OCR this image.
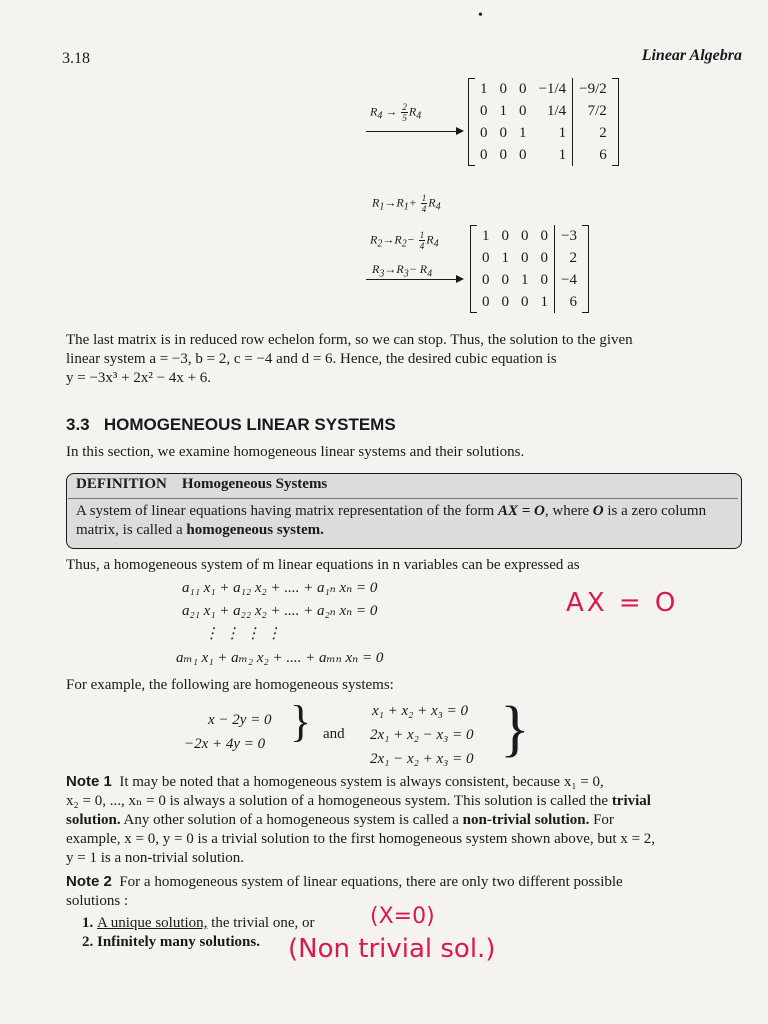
•
3.18	Linear Algebra
$R_4 \to \frac{2}{5} R_4$
1	0	0	−1/4	−9/2
0	1	0	1/4	7/2
0	0	1	1	2
0	0	0	1	6
$R_1\to R_1+ \frac{1}{4} R_4$
$R_2\to R_2- \frac{1}{4} R_4$
$R_3\to R_3- R_4$
1	0	0	0	−3
0	1	0	0	2
0	0	1	0	−4
0	0	0	1	6
The last matrix is in reduced row echelon form, so we can stop. Thus, the solution to the given
linear system a = −3, b = 2, c = −4 and d = 6. Hence, the desired cubic equation is
y = −3x³ + 2x² − 4x + 6.
3.3 HOMOGENEOUS LINEAR SYSTEMS
In this section, we examine homogeneous linear systems and their solutions.
DEFINITION Homogeneous Systems
A system of linear equations having matrix representation of the form AX = O, where O is a zero column matrix, is called a homogeneous system.
Thus, a homogeneous system of m linear equations in n variables can be expressed as
a₁₁ x₁ + a₁₂ x₂ + .... + a₁ₙ xₙ = 0
a₂₁ x₁ + a₂₂ x₂ + .... + a₂ₙ xₙ = 0
⋮ ⋮ ⋮ ⋮
aₘ₁ x₁ + aₘ₂ x₂ + .... + aₘₙ xₙ = 0
AX = O
For example, the following are homogeneous systems:
x − 2y = 0
−2x + 4y = 0 } and
x₁ + x₂ + x₃ = 0
2x₁ + x₂ − x₃ = 0
2x₁ − x₂ + x₃ = 0 }
Note 1 It may be noted that a homogeneous system is always consistent, because x₁ = 0,
x₂ = 0, ..., xₙ = 0 is always a solution of a homogeneous system. This solution is called the trivial
solution. Any other solution of a homogeneous system is called a non-trivial solution. For
example, x = 0, y = 0 is a trivial solution to the first homogeneous system shown above, but x = 2,
y = 1 is a non-trivial solution.
Note 2 For a homogeneous system of linear equations, there are only two different possible
solutions :
1. A unique solution, the trivial one, or	(X=0)
2. Infinitely many solutions. (Non trivial sol.)
